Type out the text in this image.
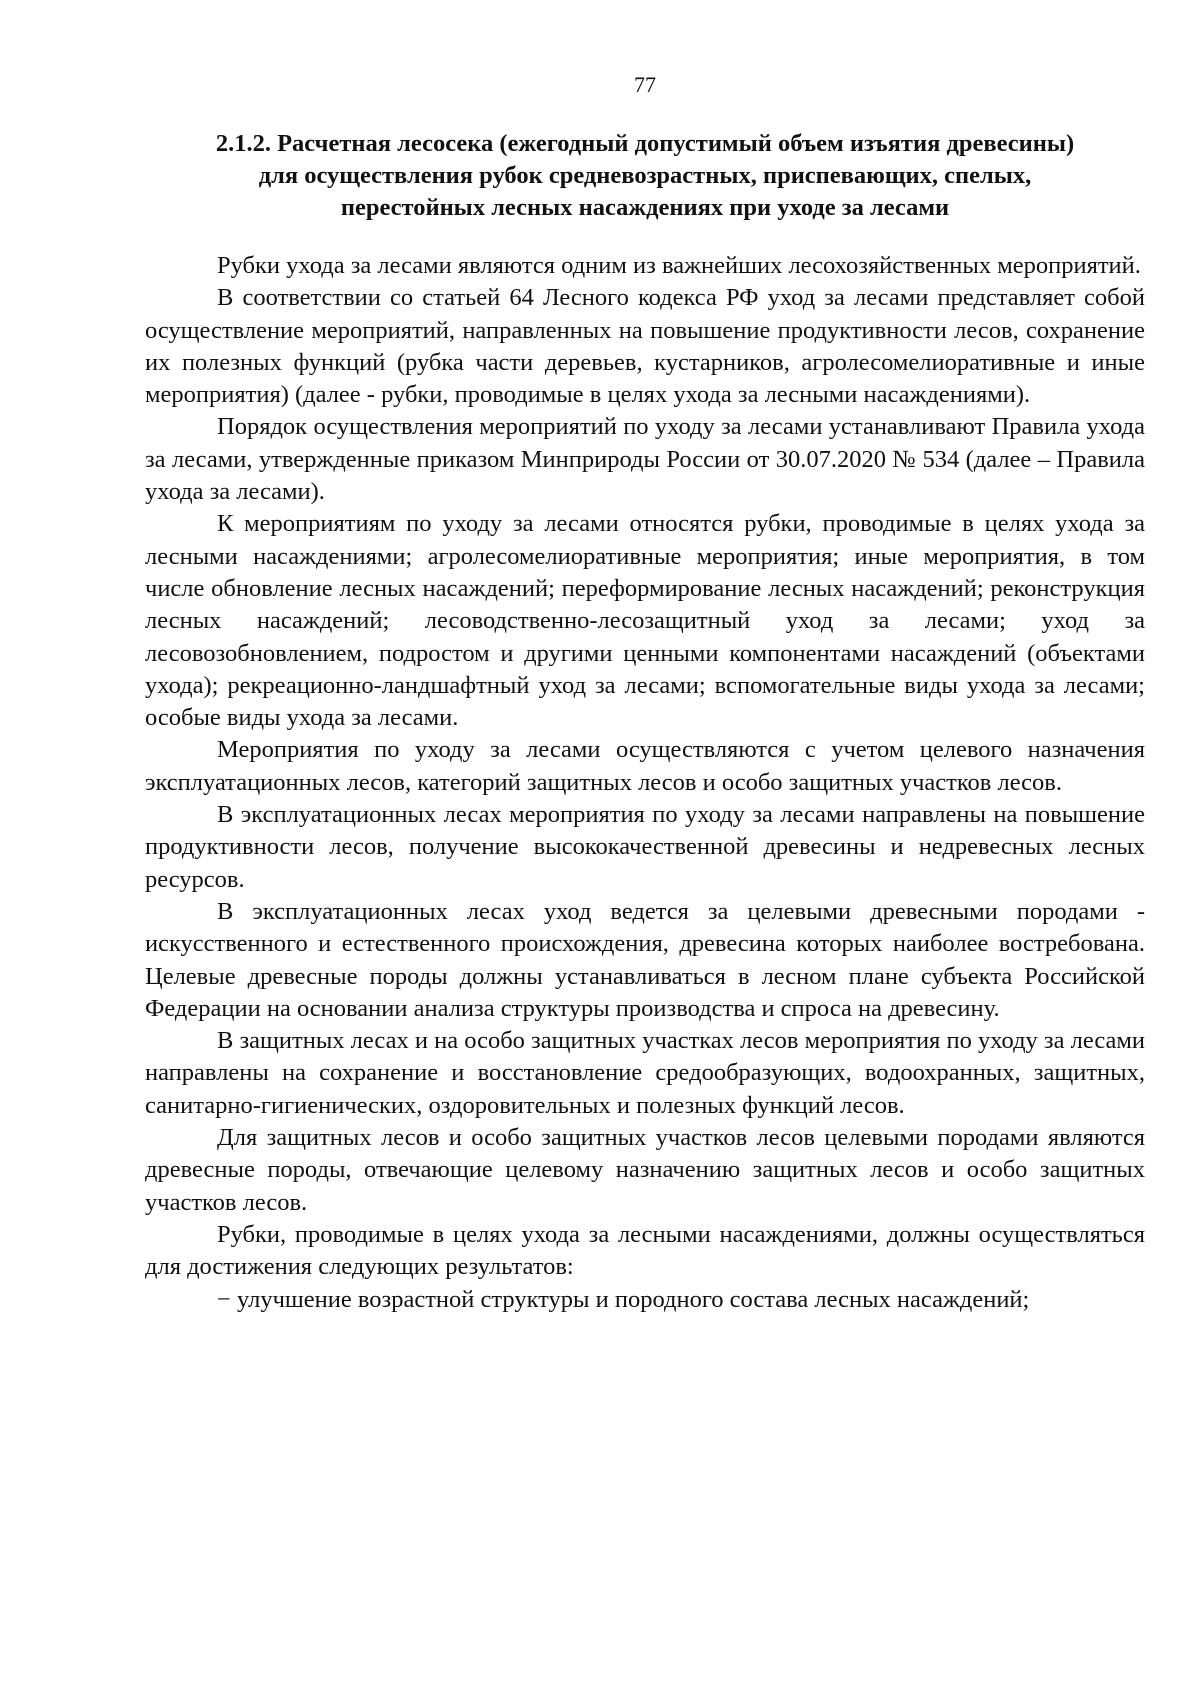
77
2.1.2. Расчетная лесосека (ежегодный допустимый объем изъятия древесины)
для осуществления рубок средневозрастных, приспевающих, спелых,
перестойных лесных насаждениях при уходе за лесами

Рубки ухода за лесами являются одним из важнейших лесохозяйственных мероприятий.

В соответствии со статьей 64 Лесного кодекса РФ уход за лесами представляет собой осуществление мероприятий, направленных на повышение продуктивности лесов, сохранение их полезных функций (рубка части деревьев, кустарников, агролесомелиоративные и иные мероприятия) (далее - рубки, проводимые в целях ухода за лесными насаждениями).

Порядок осуществления мероприятий по уходу за лесами устанавливают Правила ухода за лесами, утвержденные приказом Минприроды России от 30.07.2020 № 534 (далее – Правила ухода за лесами).

К мероприятиям по уходу за лесами относятся рубки, проводимые в целях ухода за лесными насаждениями; агролесомелиоративные мероприятия; иные мероприятия, в том числе обновление лесных насаждений; переформирование лесных насаждений; реконструкция лесных насаждений; лесоводственно-лесозащитный уход за лесами; уход за лесовозобновлением, подростом и другими ценными компонентами насаждений (объектами ухода); рекреационно-ландшафтный уход за лесами; вспомогательные виды ухода за лесами; особые виды ухода за лесами.

Мероприятия по уходу за лесами осуществляются с учетом целевого назначения эксплуатационных лесов, категорий защитных лесов и особо защитных участков лесов.

В эксплуатационных лесах мероприятия по уходу за лесами направлены на повышение продуктивности лесов, получение высококачественной древесины и недревесных лесных ресурсов.

В эксплуатационных лесах уход ведется за целевыми древесными породами - искусственного и естественного происхождения, древесина которых наиболее востребована. Целевые древесные породы должны устанавливаться в лесном плане субъекта Российской Федерации на основании анализа структуры производства и спроса на древесину.

В защитных лесах и на особо защитных участках лесов мероприятия по уходу за лесами направлены на сохранение и восстановление средообразующих, водоохранных, защитных, санитарно-гигиенических, оздоровительных и полезных функций лесов.

Для защитных лесов и особо защитных участков лесов целевыми породами являются древесные породы, отвечающие целевому назначению защитных лесов и особо защитных участков лесов.

Рубки, проводимые в целях ухода за лесными насаждениями, должны осуществляться для достижения следующих результатов:

− улучшение возрастной структуры и породного состава лесных насаждений;
